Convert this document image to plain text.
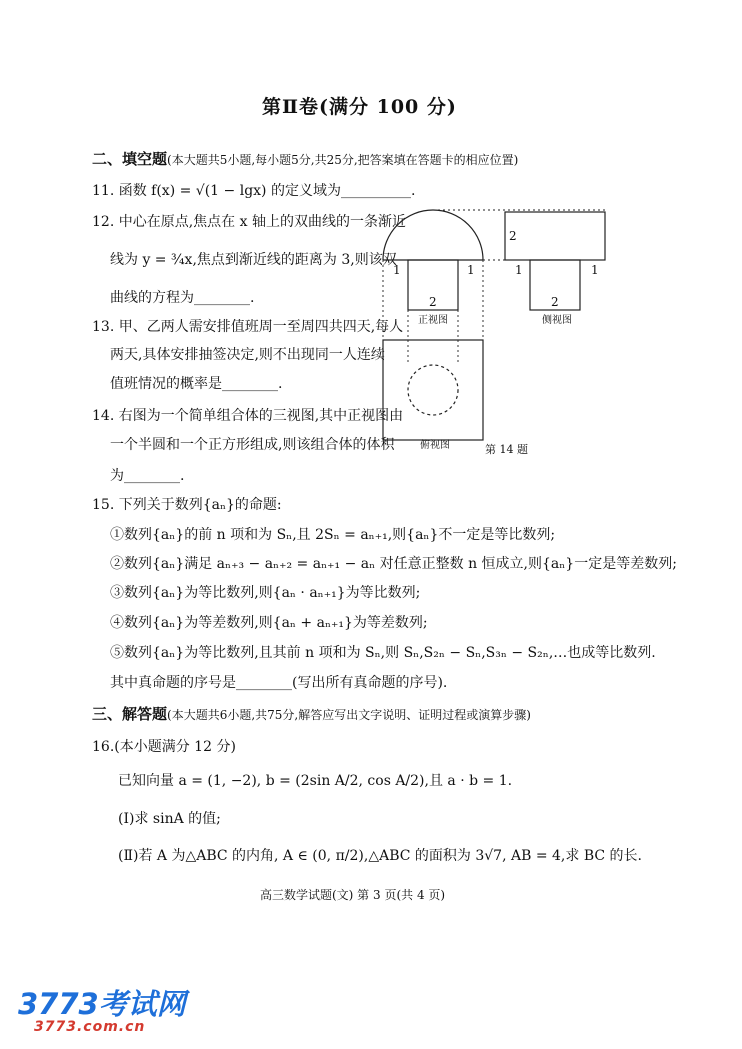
第Ⅱ卷(满分 100 分)
二、填空题(本大题共5小题,每小题5分,共25分,把答案填在答题卡的相应位置)
11. 函数 f(x) = √(1 − lgx) 的定义域为__________.
12. 中心在原点,焦点在 x 轴上的双曲线的一条渐近
线为 y = ¾x,焦点到渐近线的距离为 3,则该双
曲线的方程为________.
13. 甲、乙两人需安排值班周一至周四共四天,每人
两天,具体安排抽签决定,则不出现同一人连续
值班情况的概率是________.
14. 右图为一个简单组合体的三视图,其中正视图由
一个半圆和一个正方形组成,则该组合体的体积
为________.
1	1
2
2
1	1
2
正视图	侧视图
俯视图	第 14 题
15. 下列关于数列{aₙ}的命题:
①数列{aₙ}的前 n 项和为 Sₙ,且 2Sₙ = aₙ₊₁,则{aₙ}不一定是等比数列;
②数列{aₙ}满足 aₙ₊₃ − aₙ₊₂ = aₙ₊₁ − aₙ 对任意正整数 n 恒成立,则{aₙ}一定是等差数列;
③数列{aₙ}为等比数列,则{aₙ · aₙ₊₁}为等比数列;
④数列{aₙ}为等差数列,则{aₙ + aₙ₊₁}为等差数列;
⑤数列{aₙ}为等比数列,且其前 n 项和为 Sₙ,则 Sₙ,S₂ₙ − Sₙ,S₃ₙ − S₂ₙ,…也成等比数列.
其中真命题的序号是________(写出所有真命题的序号).
三、解答题(本大题共6小题,共75分,解答应写出文字说明、证明过程或演算步骤)
16.(本小题满分 12 分)
已知向量 a = (1, −2), b = (2sin A/2, cos A/2),且 a · b = 1.
(Ⅰ)求 sinA 的值;
(Ⅱ)若 A 为△ABC 的内角, A ∈ (0, π/2),△ABC 的面积为 3√7, AB = 4,求 BC 的长.
高三数学试题(文) 第 3 页(共 4 页)
3773考试网
3773.com.cn
